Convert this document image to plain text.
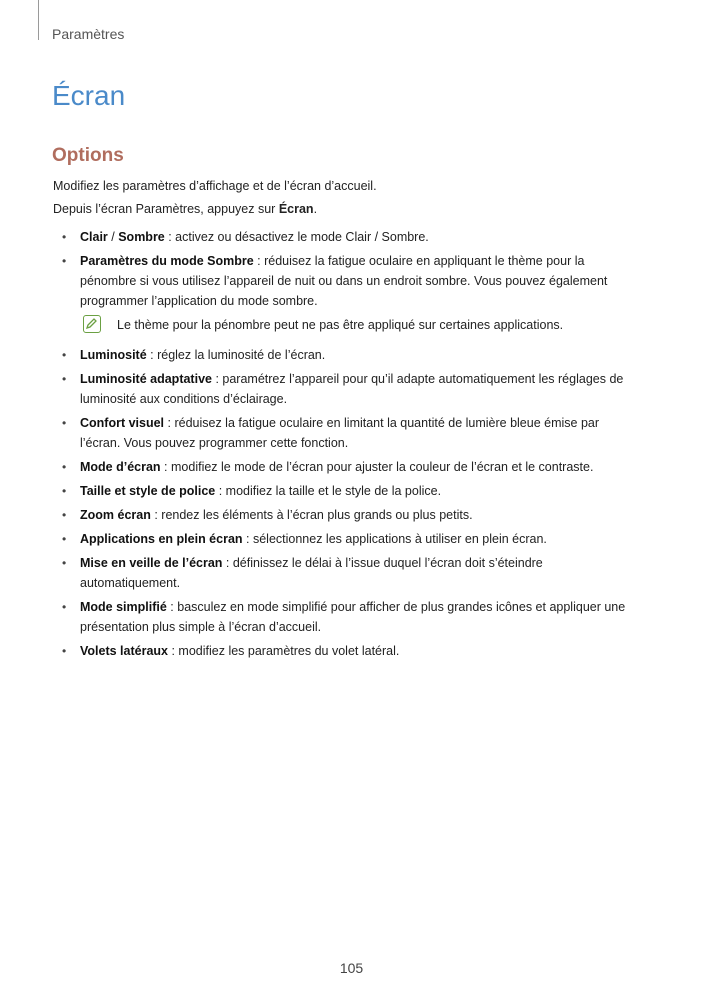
Paramètres
Écran
Options

Modifiez les paramètres d’affichage et de l’écran d’accueil.

Depuis l’écran Paramètres, appuyez sur Écran.

• Clair / Sombre : activez ou désactivez le mode Clair / Sombre.
• Paramètres du mode Sombre : réduisez la fatigue oculaire en appliquant le thème pour la pénombre si vous utilisez l’appareil de nuit ou dans un endroit sombre. Vous pouvez également programmer l’application du mode sombre.
Le thème pour la pénombre peut ne pas être appliqué sur certaines applications.
• Luminosité : réglez la luminosité de l’écran.
• Luminosité adaptative : paramétrez l’appareil pour qu’il adapte automatiquement les réglages de luminosité aux conditions d’éclairage.
• Confort visuel : réduisez la fatigue oculaire en limitant la quantité de lumière bleue émise par l’écran. Vous pouvez programmer cette fonction.
• Mode d’écran : modifiez le mode de l’écran pour ajuster la couleur de l’écran et le contraste.
• Taille et style de police : modifiez la taille et le style de la police.
• Zoom écran : rendez les éléments à l’écran plus grands ou plus petits.
• Applications en plein écran : sélectionnez les applications à utiliser en plein écran.
• Mise en veille de l’écran : définissez le délai à l’issue duquel l’écran doit s’éteindre automatiquement.
• Mode simplifié : basculez en mode simplifié pour afficher de plus grandes icônes et appliquer une présentation plus simple à l’écran d’accueil.
• Volets latéraux : modifiez les paramètres du volet latéral.
105
